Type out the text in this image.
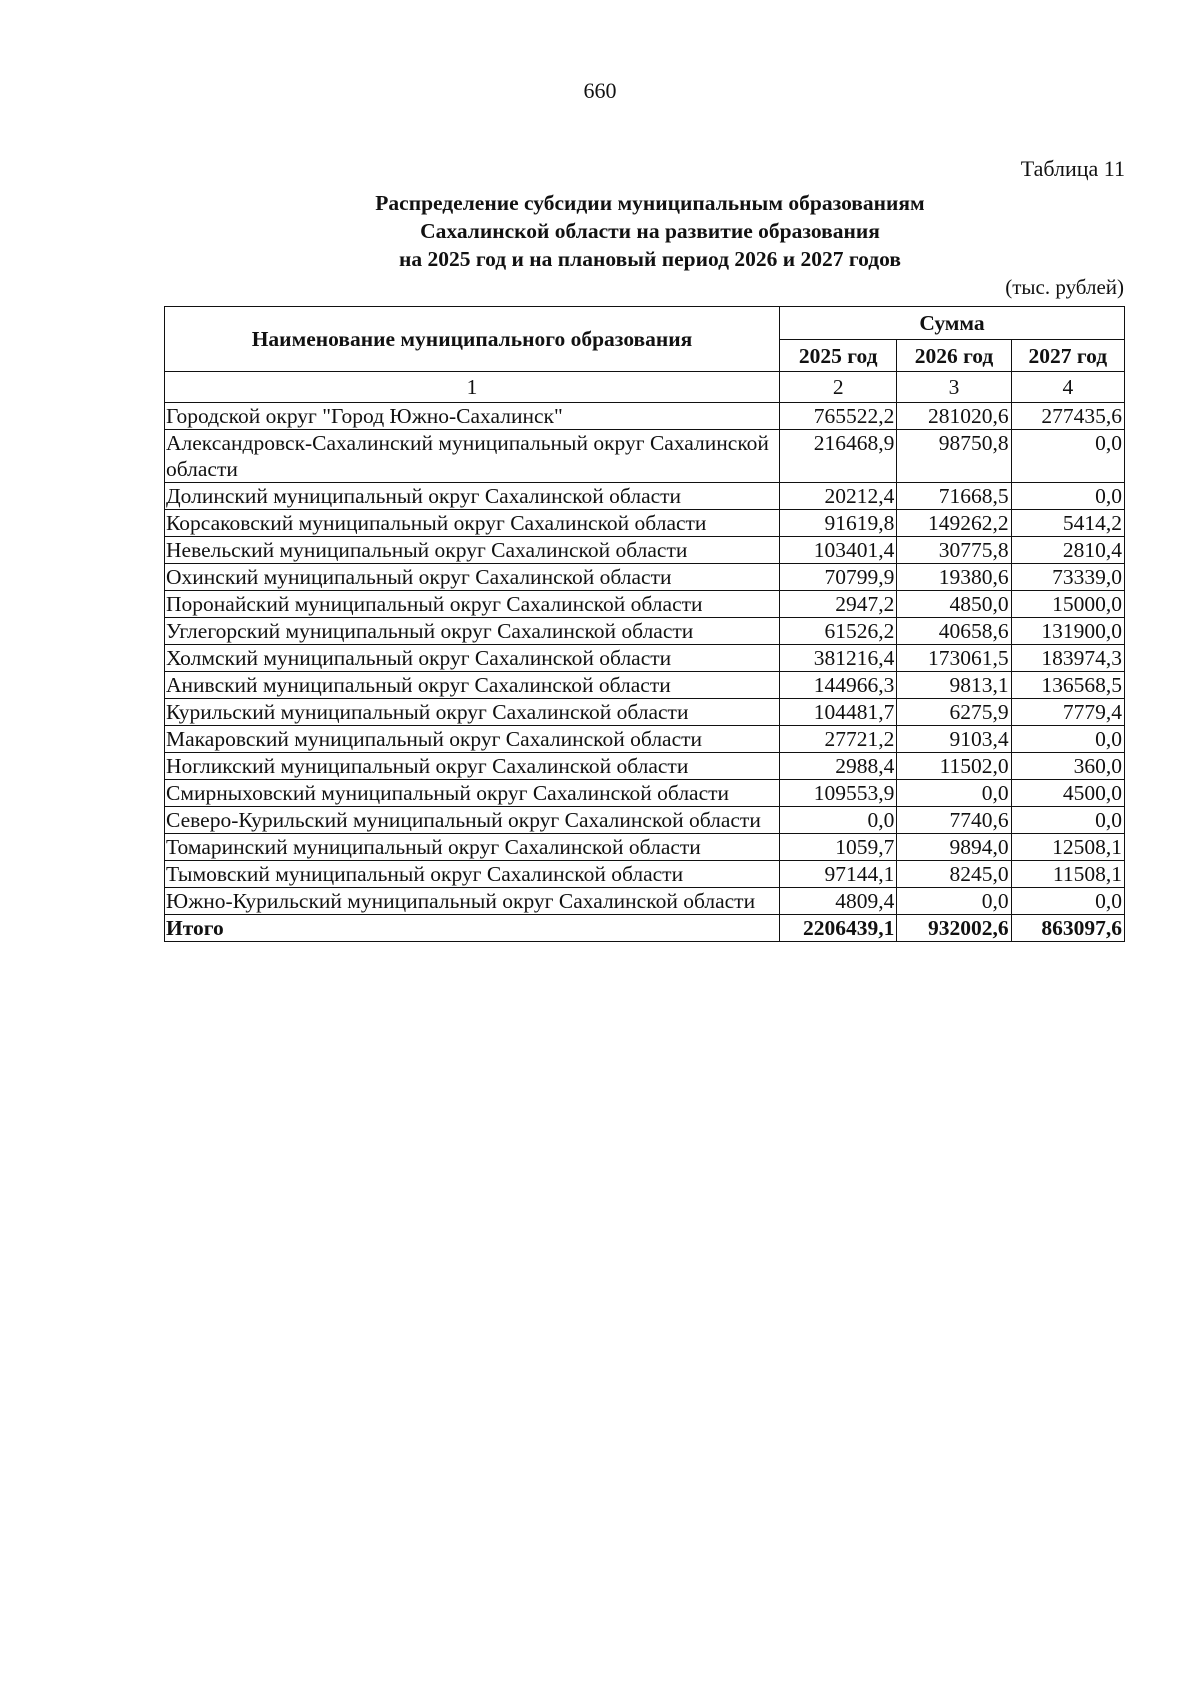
660
Таблица 11
Распределение субсидии муниципальным образованиям
Сахалинской области на развитие образования
на 2025 год и на плановый период 2026 и 2027 годов
(тыс. рублей)
Наименование муниципального образования	Сумма		
	2025 год	2026 год	2027 год
1	2	3	4
Городской округ "Город Южно-Сахалинск"	765522,2	281020,6	277435,6
Александровск-Сахалинский муниципальный округ Сахалинской области	216468,9	98750,8	0,0
Долинский муниципальный округ Сахалинской области	20212,4	71668,5	0,0
Корсаковский муниципальный округ Сахалинской области	91619,8	149262,2	5414,2
Невельский муниципальный округ Сахалинской области	103401,4	30775,8	2810,4
Охинский муниципальный округ Сахалинской области	70799,9	19380,6	73339,0
Поронайский муниципальный округ Сахалинской области	2947,2	4850,0	15000,0
Углегорский муниципальный округ Сахалинской области	61526,2	40658,6	131900,0
Холмский муниципальный округ Сахалинской области	381216,4	173061,5	183974,3
Анивский муниципальный округ Сахалинской области	144966,3	9813,1	136568,5
Курильский муниципальный округ Сахалинской области	104481,7	6275,9	7779,4
Макаровский муниципальный округ Сахалинской области	27721,2	9103,4	0,0
Ногликский муниципальный округ Сахалинской области	2988,4	11502,0	360,0
Смирныховский муниципальный округ Сахалинской области	109553,9	0,0	4500,0
Северо-Курильский муниципальный округ Сахалинской области	0,0	7740,6	0,0
Томаринский муниципальный округ Сахалинской области	1059,7	9894,0	12508,1
Тымовский муниципальный округ Сахалинской области	97144,1	8245,0	11508,1
Южно-Курильский муниципальный округ Сахалинской области	4809,4	0,0	0,0
Итого	2206439,1	932002,6	863097,6
